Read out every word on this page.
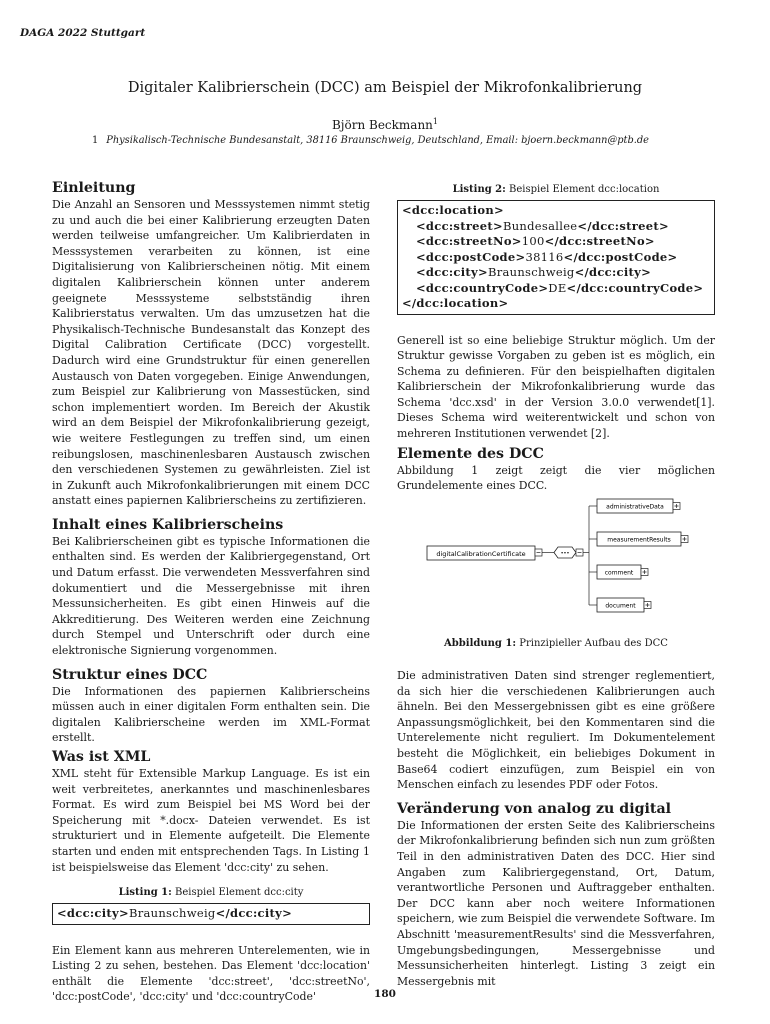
DAGA 2022 Stuttgart
Digitaler Kalibrierschein (DCC) am Beispiel der Mikrofonkalibrierung
Björn Beckmann$^1$
1 Physikalisch-Technische Bundesanstalt, 38116 Braunschweig, Deutschland, Email: bjoern.beckmann@ptb.de
Einleitung

Die Anzahl an Sensoren und Messsystemen nimmt stetig zu und auch die bei einer Kalibrierung erzeugten Daten werden teilweise umfangreicher. Um Kalibrierdaten in Messsystemen verarbeiten zu können, ist eine Digitalisierung von Kalibrierscheinen nötig. Mit einem digitalen Kalibrierschein können unter anderem geeignete Messsysteme selbstständig ihren Kalibrierstatus verwalten. Um das umzusetzen hat die Physikalisch-Technische Bundesanstalt das Konzept des Digital Calibration Certificate (DCC) vorgestellt. Dadurch wird eine Grundstruktur für einen generellen Austausch von Daten vorgegeben. Einige Anwendungen, zum Beispiel zur Kalibrierung von Massestücken, sind schon implementiert worden. Im Bereich der Akustik wird an dem Beispiel der Mikrofonkalibrierung gezeigt, wie weitere Festlegungen zu treffen sind, um einen reibungslosen, maschinenlesbaren Austausch zwischen den verschiedenen Systemen zu gewährleisten. Ziel ist in Zukunft auch Mikrofonkalibrierungen mit einem DCC anstatt eines papiernen Kalibrierscheins zu zertifizieren.

Inhalt eines Kalibrierscheins

Bei Kalibrierscheinen gibt es typische Informationen die enthalten sind. Es werden der Kalibriergegenstand, Ort und Datum erfasst. Die verwendeten Messverfahren sind dokumentiert und die Messergebnisse mit ihren Messunsicherheiten. Es gibt einen Hinweis auf die Akkreditierung. Des Weiteren werden eine Zeichnung durch Stempel und Unterschrift oder durch eine elektronische Signierung vorgenommen.

Struktur eines DCC

Die Informationen des papiernen Kalibrierscheins müssen auch in einer digitalen Form enthalten sein. Die digitalen Kalibrierscheine werden im XML-Format erstellt.

Was ist XML

XML steht für Extensible Markup Language. Es ist ein weit verbreitetes, anerkanntes und maschinenlesbares Format. Es wird zum Beispiel bei MS Word bei der Speicherung mit *.docx- Dateien verwendet. Es ist strukturiert und in Elemente aufgeteilt. Die Elemente starten und enden mit entsprechenden Tags. In Listing 1 ist beispielsweise das Element 'dcc:city' zu sehen.

Listing 1: Beispiel Element dcc:city
<dcc:city>Braunschweig</dcc:city>

Ein Element kann aus mehreren Unterelementen, wie in Listing 2 zu sehen, bestehen. Das Element 'dcc:location' enthält die Elemente 'dcc:street', 'dcc:streetNo', 'dcc:postCode', 'dcc:city' und 'dcc:countryCode'

Listing 2: Beispiel Element dcc:location
<dcc:location>
<dcc:street>Bundesallee</dcc:street>
<dcc:streetNo>100</dcc:streetNo>
<dcc:postCode>38116</dcc:postCode>
<dcc:city>Braunschweig</dcc:city>
<dcc:countryCode>DE</dcc:countryCode>
</dcc:location>

Generell ist so eine beliebige Struktur möglich. Um der Struktur gewisse Vorgaben zu geben ist es möglich, ein Schema zu definieren. Für den beispielhaften digitalen Kalibrierschein der Mikrofonkalibrierung wurde das Schema 'dcc.xsd' in der Version 3.0.0 verwendet[1]. Dieses Schema wird weiterentwickelt und schon von mehreren Institutionen verwendet [2].

Elemente des DCC

Abbildung 1 zeigt zeigt die vier möglichen Grundelemente eines DCC.

digitalCalibrationCertificate	•••
administrativeData
measurementResults
comment
document
Abbildung 1: Prinzipieller Aufbau des DCC

Die administrativen Daten sind strenger reglementiert, da sich hier die verschiedenen Kalibrierungen auch ähneln. Bei den Messergebnissen gibt es eine größere Anpassungsmöglichkeit, bei den Kommentaren sind die Unterelemente nicht reguliert. Im Dokumentelement besteht die Möglichkeit, ein beliebiges Dokument in Base64 codiert einzufügen, zum Beispiel ein von Menschen einfach zu lesendes PDF oder Fotos.

Veränderung von analog zu digital

Die Informationen der ersten Seite des Kalibrierscheins der Mikrofonkalibrierung befinden sich nun zum größten Teil in den administrativen Daten des DCC. Hier sind Angaben zum Kalibriergegenstand, Ort, Datum, verantwortliche Personen und Auftraggeber enthalten. Der DCC kann aber noch weitere Informationen speichern, wie zum Beispiel die verwendete Software. Im Abschnitt 'measurementResults' sind die Messverfahren, Umgebungsbedingungen, Messergebnisse und Messunsicherheiten hinterlegt. Listing 3 zeigt ein Messergebnis mit

180
